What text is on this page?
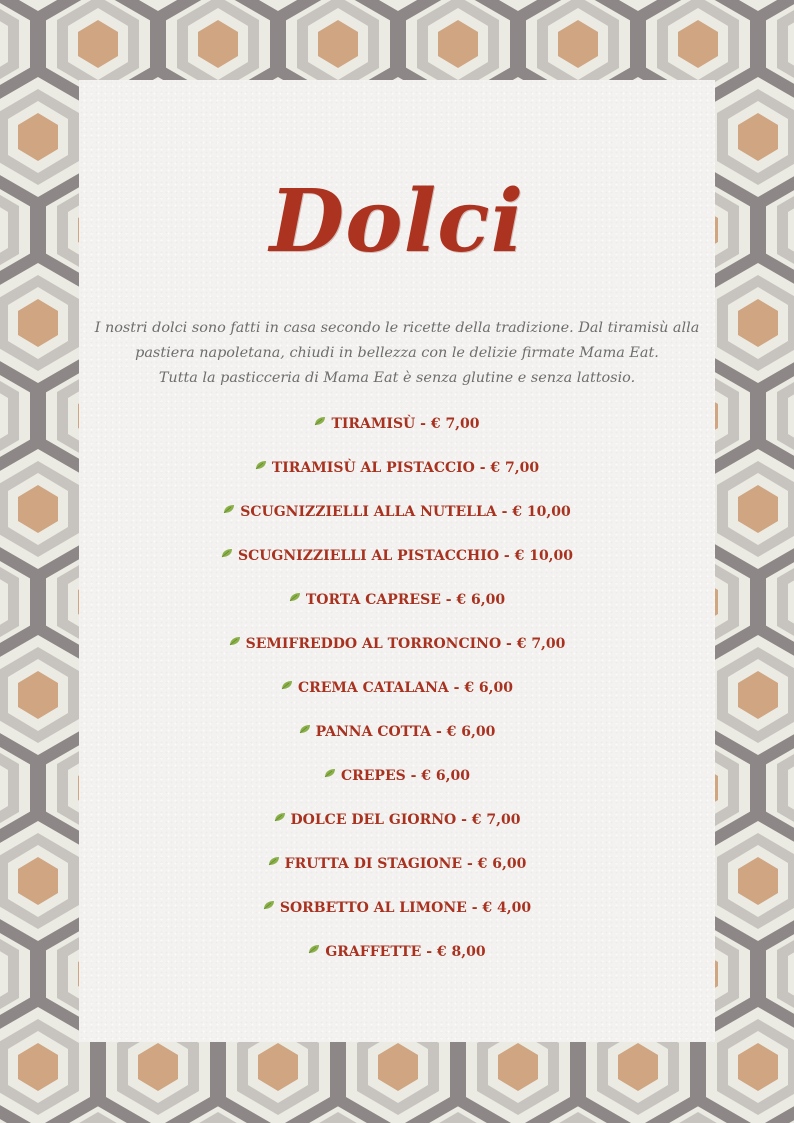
Dolci
I nostri dolci sono fatti in casa secondo le ricette della tradizione. Dal tiramisù alla
pastiera napoletana, chiudi in bellezza con le delizie firmate Mama Eat.
Tutta la pasticceria di Mama Eat è senza glutine e senza lattosio.
TIRAMISÙ - € 7,00
TIRAMISÙ AL PISTACCIO - € 7,00
SCUGNIZZIELLI ALLA NUTELLA - € 10,00
SCUGNIZZIELLI AL PISTACCHIO - € 10,00
TORTA CAPRESE - € 6,00
SEMIFREDDO AL TORRONCINO - € 7,00
CREMA CATALANA - € 6,00
PANNA COTTA - € 6,00
CREPES - € 6,00
DOLCE DEL GIORNO - € 7,00
FRUTTA DI STAGIONE - € 6,00
SORBETTO AL LIMONE - € 4,00
GRAFFETTE - € 8,00
